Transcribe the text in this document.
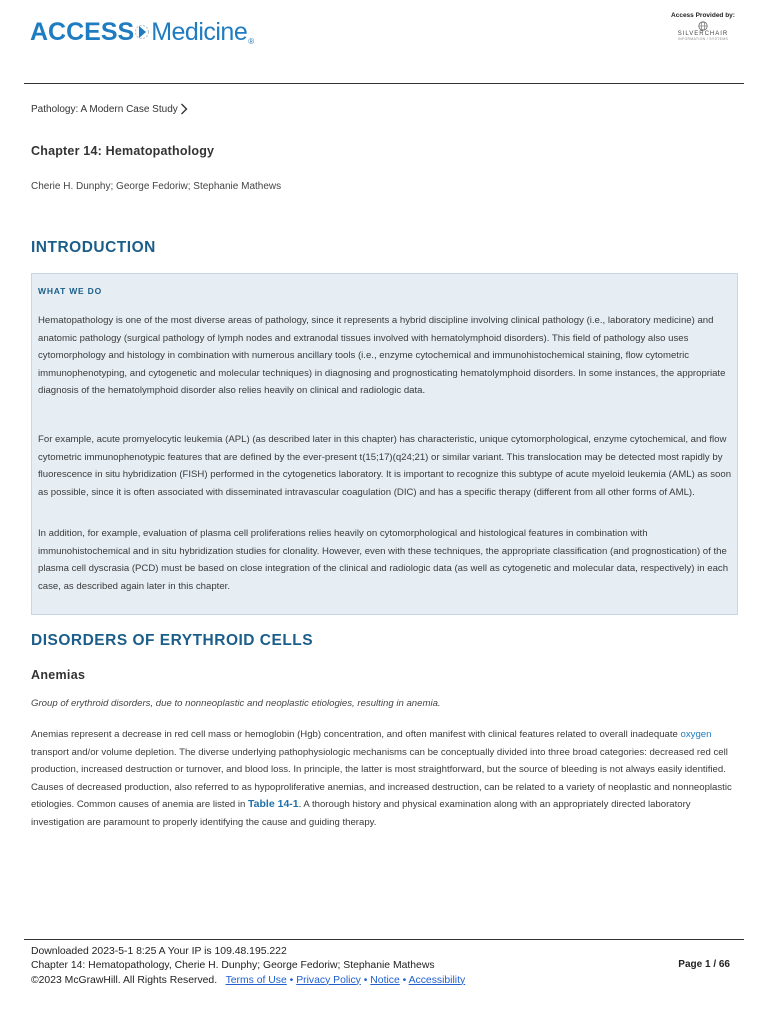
ACCESS Medicine ®
Access Provided by:
SILVERCHAIR
INFORMATION / SYSTEMS
Pathology: A Modern Case Study
Chapter 14: Hematopathology
Cherie H. Dunphy; George Fedoriw; Stephanie Mathews
INTRODUCTION
WHAT WE DO

Hematopathology is one of the most diverse areas of pathology, since it represents a hybrid discipline involving clinical pathology (i.e., laboratory medicine) and anatomic pathology (surgical pathology of lymph nodes and extranodal tissues involved with hematolymphoid disorders). This field of pathology also uses cytomorphology and histology in combination with numerous ancillary tools (i.e., enzyme cytochemical and immunohistochemical staining, flow cytometric immunophenotyping, and cytogenetic and molecular techniques) in diagnosing and prognosticating hematolymphoid disorders. In some instances, the appropriate diagnosis of the hematolymphoid disorder also relies heavily on clinical and radiologic data.

For example, acute promyelocytic leukemia (APL) (as described later in this chapter) has characteristic, unique cytomorphological, enzyme cytochemical, and flow cytometric immunophenotypic features that are defined by the ever-present t(15;17)(q24;21) or similar variant. This translocation may be detected most rapidly by fluorescence in situ hybridization (FISH) performed in the cytogenetics laboratory. It is important to recognize this subtype of acute myeloid leukemia (AML) as soon as possible, since it is often associated with disseminated intravascular coagulation (DIC) and has a specific therapy (different from all other forms of AML).

In addition, for example, evaluation of plasma cell proliferations relies heavily on cytomorphological and histological features in combination with immunohistochemical and in situ hybridization studies for clonality. However, even with these techniques, the appropriate classification (and prognostication) of the plasma cell dyscrasia (PCD) must be based on close integration of the clinical and radiologic data (as well as cytogenetic and molecular data, respectively) in each case, as described again later in this chapter.

DISORDERS OF ERYTHROID CELLS
Anemias
Group of erythroid disorders, due to nonneoplastic and neoplastic etiologies, resulting in anemia.

Anemias represent a decrease in red cell mass or hemoglobin (Hgb) concentration, and often manifest with clinical features related to overall inadequate oxygen transport and/or volume depletion. The diverse underlying pathophysiologic mechanisms can be conceptually divided into three broad categories: decreased red cell production, increased destruction or turnover, and blood loss. In principle, the latter is most straightforward, but the source of bleeding is not always easily identified. Causes of decreased production, also referred to as hypoproliferative anemias, and increased destruction, can be related to a variety of neoplastic and nonneoplastic etiologies. Common causes of anemia are listed in Table 14-1. A thorough history and physical examination along with an appropriately directed laboratory investigation are paramount to properly identifying the cause and guiding therapy.

Downloaded 2023-5-1 8:25 A Your IP is 109.48.195.222
Chapter 14: Hematopathology, Cherie H. Dunphy; George Fedoriw; Stephanie Mathews
©2023 McGrawHill. All Rights Reserved. Terms of Use • Privacy Policy • Notice • Accessibility
Page 1 / 66
